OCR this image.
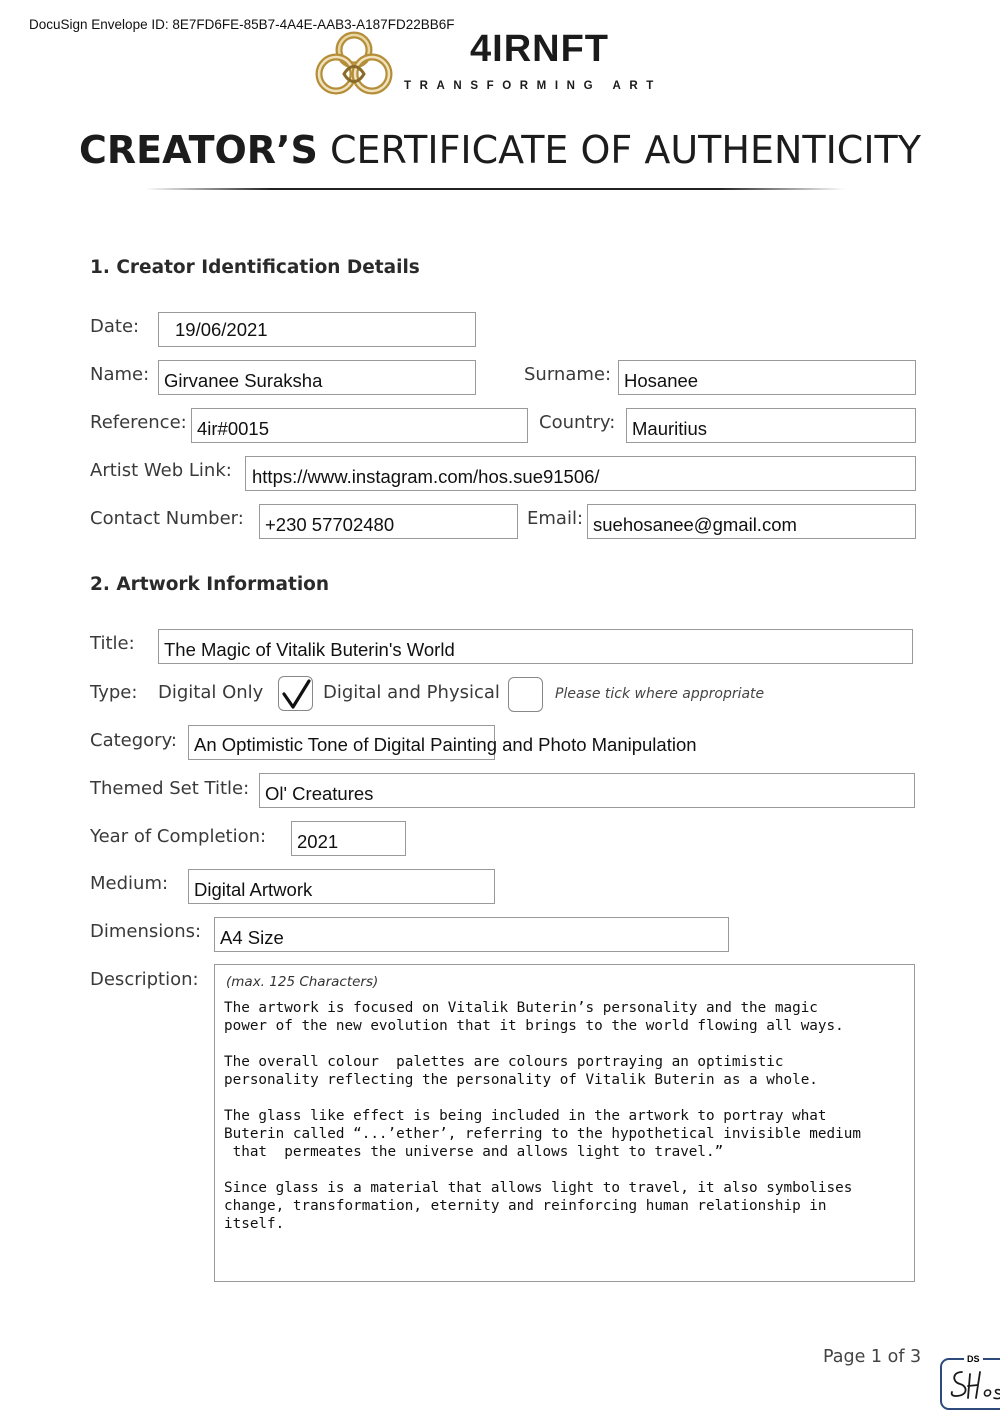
DocuSign Envelope ID: 8E7FD6FE-85B7-4A4E-AAB3-A187FD22BB6F
4IRNFT
TRANSFORMING ART
CREATOR’S CERTIFICATE OF AUTHENTICITY
1. Creator Identification Details
Date: 19/06/2021
Name: Girvanee Suraksha	Surname: Hosanee
Reference: 4ir#0015	Country: Mauritius
Artist Web Link: https://www.instagram.com/hos.sue91506/
Contact Number: +230 57702480	Email: suehosanee@gmail.com
2. Artwork Information
Title: The Magic of Vitalik Buterin's World
Type: Digital Only	Digital and Physical	Please tick where appropriate
Category: An Optimistic Tone of Digital Painting and Photo Manipulation
Themed Set Title: Ol' Creatures
Year of Completion: 2021
Medium: Digital Artwork
Dimensions: A4 Size
Description: (max. 125 Characters)
The artwork is focused on Vitalik Buterin’s personality and the magic
power of the new evolution that it brings to the world flowing all ways.

The overall colour  palettes are colours portraying an optimistic
personality reflecting the personality of Vitalik Buterin as a whole.

The glass like effect is being included in the artwork to portray what
Buterin called “...’ether’, referring to the hypothetical invisible medium
that  permeates the universe and allows light to travel.”

Since glass is a material that allows light to travel, it also symbolises
change, transformation, eternity and reinforcing human relationship in
itself.
Page 1 of 3	DS
